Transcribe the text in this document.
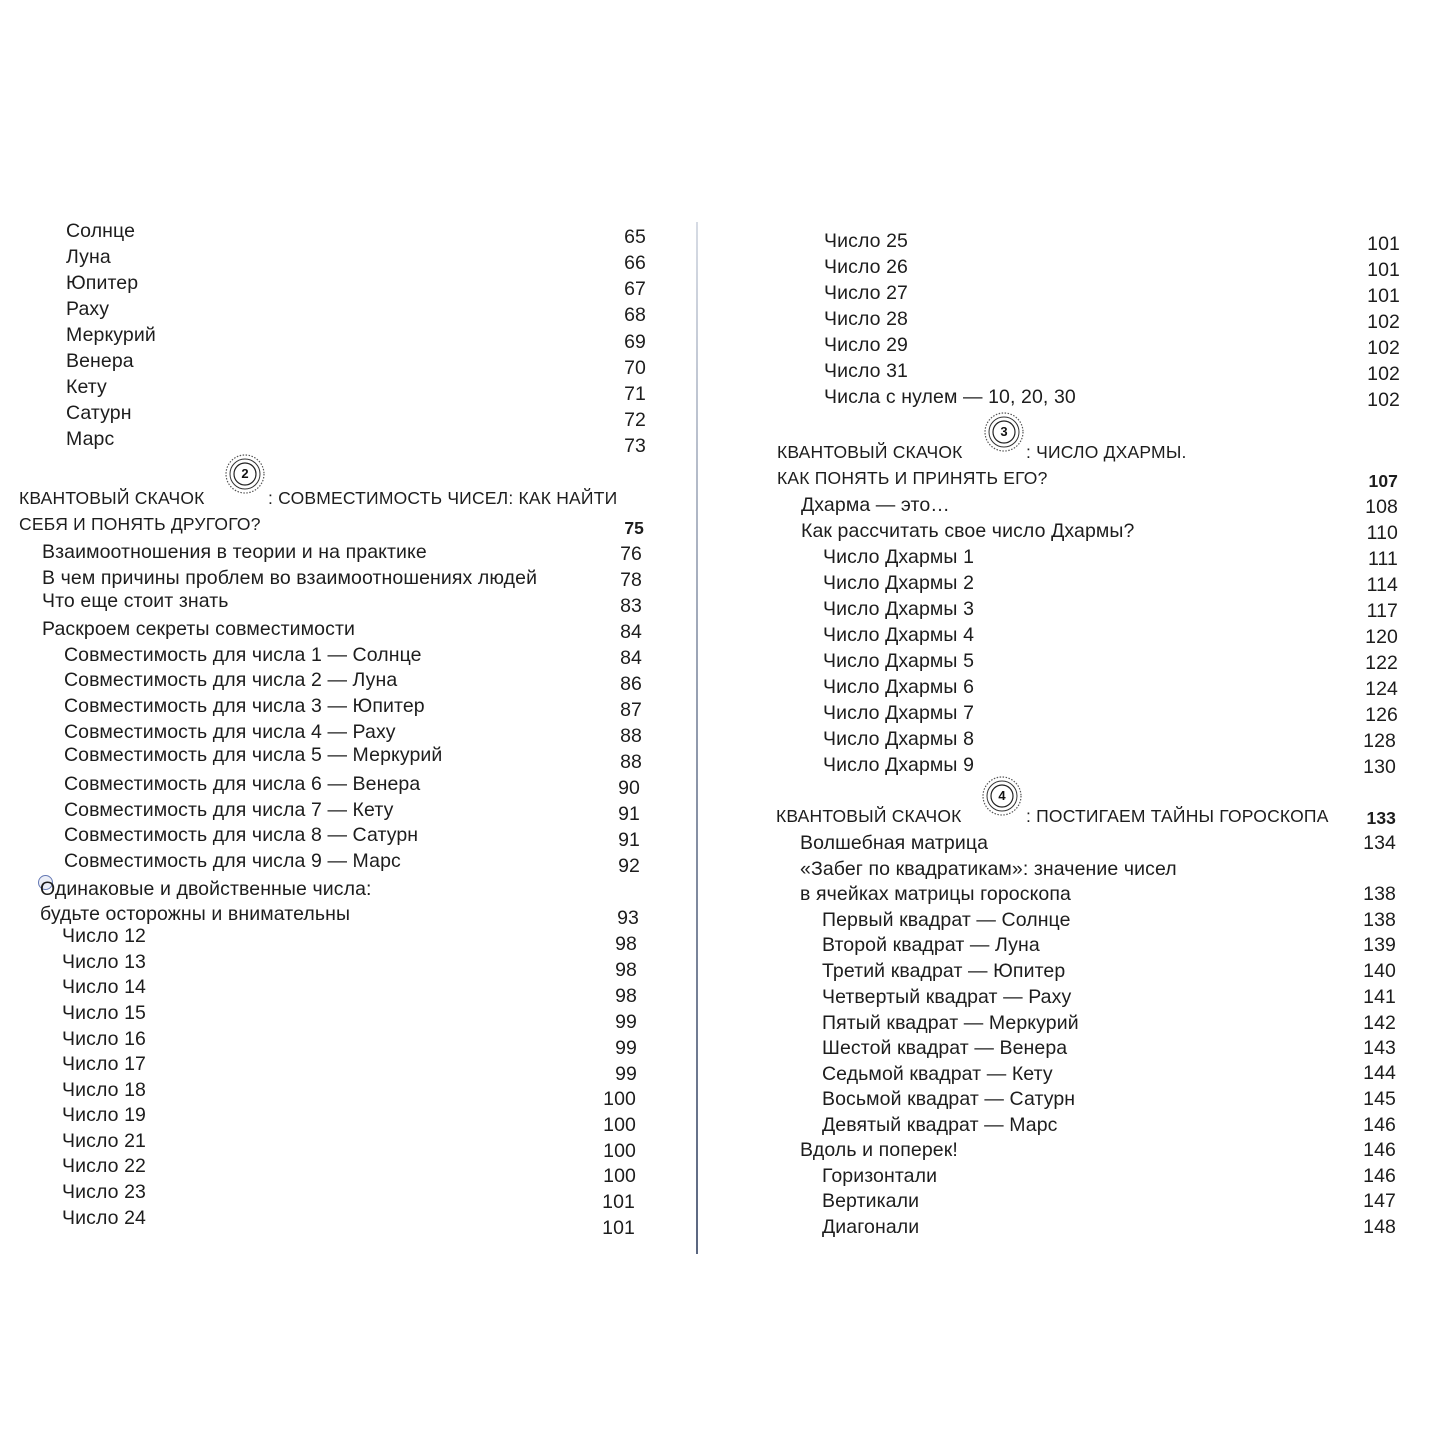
Солнце	65
Луна	66
Юпитер	67
Раху	68
Меркурий	69
Венера	70
Кету	71
Сатурн	72
Марс	73
КВАНТОВЫЙ СКАЧОК
2
: СОВМЕСТИМОСТЬ ЧИСЕЛ: КАК НАЙТИ
СЕБЯ И ПОНЯТЬ ДРУГОГО?	75
Взаимоотношения в теории и на практике	76
В чем причины проблем во взаимоотношениях людей	78
Что еще стоит знать	83
Раскроем секреты совместимости	84
Совместимость для числа 1 — Солнце	84
Совместимость для числа 2 — Луна	86
Совместимость для числа 3 — Юпитер	87
Совместимость для числа 4 — Раху	88
Совместимость для числа 5 — Меркурий	88
Совместимость для числа 6 — Венера	90
Совместимость для числа 7 — Кету	91
Совместимость для числа 8 — Сатурн	91
Совместимость для числа 9 — Марс	92
Одинаковые и двойственные числа:
будьте осторожны и внимательны	93
Число 12	98
Число 13	98
Число 14	98
Число 15	99
Число 16	99
Число 17	99
Число 18	100
Число 19	100
Число 21	100
Число 22	100
Число 23	101
Число 24	101
Число 25	101
Число 26	101
Число 27	101
Число 28	102
Число 29	102
Число 31	102
Числа с нулем — 10, 20, 30	102
КВАНТОВЫЙ СКАЧОК
3
: ЧИСЛО ДХАРМЫ.
КАК ПОНЯТЬ И ПРИНЯТЬ ЕГО?	107
Дхарма — это…	108
Как рассчитать свое число Дхармы?	110
Число Дхармы 1	111
Число Дхармы 2	114
Число Дхармы 3	117
Число Дхармы 4	120
Число Дхармы 5	122
Число Дхармы 6	124
Число Дхармы 7	126
Число Дхармы 8	128
Число Дхармы 9	130
КВАНТОВЫЙ СКАЧОК
4
: ПОСТИГАЕМ ТАЙНЫ ГОРОСКОПА	133
Волшебная матрица	134
«Забег по квадратикам»: значение чисел
в ячейках матрицы гороскопа	138
Первый квадрат — Солнце	138
Второй квадрат — Луна	139
Третий квадрат — Юпитер	140
Четвертый квадрат — Раху	141
Пятый квадрат — Меркурий	142
Шестой квадрат — Венера	143
Седьмой квадрат — Кету	144
Восьмой квадрат — Сатурн	145
Девятый квадрат — Марс	146
Вдоль и поперек!	146
Горизонтали	146
Вертикали	147
Диагонали	148
